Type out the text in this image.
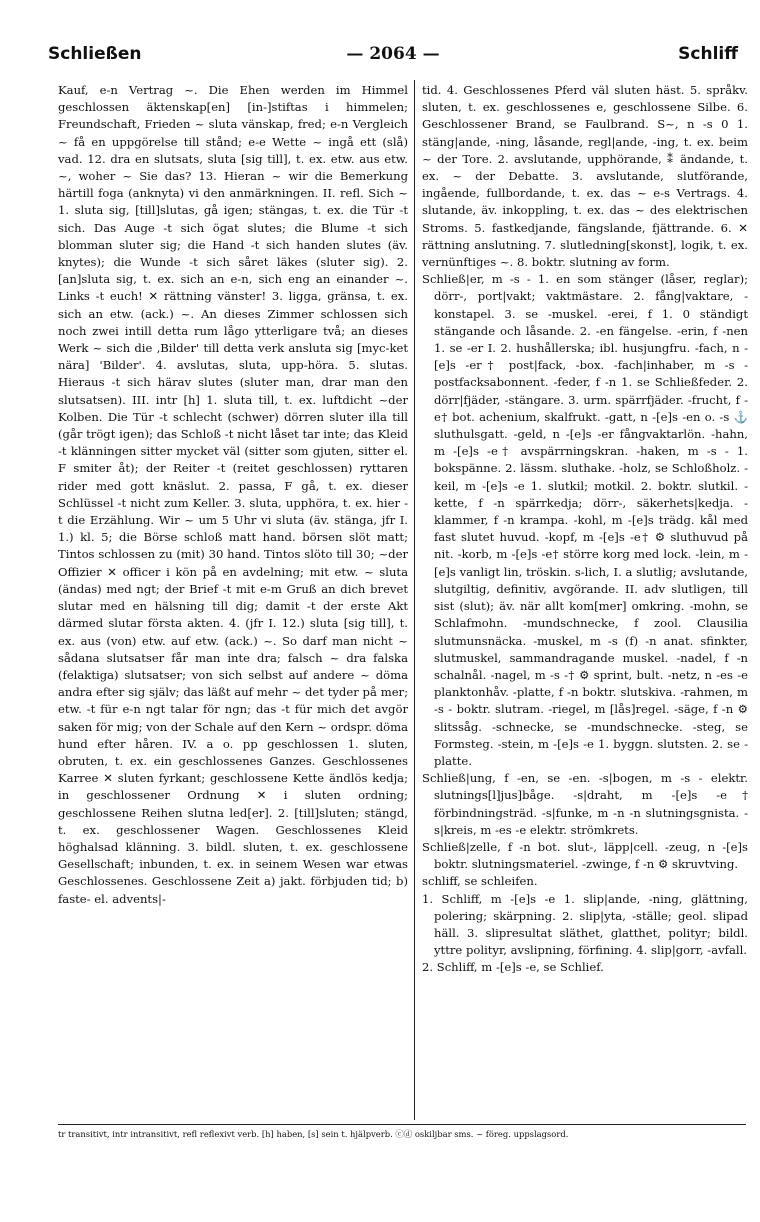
Schließen	— 2064 —	Schliff

Kauf, e-n Vertrag ~. Die Ehen werden im Himmel geschlossen äktenskap[en] [in-]stiftas i himmelen; Freundschaft, Frieden ~ sluta vänskap, fred; e-n Vergleich ~ få en uppgörelse till stånd; e-e Wette ~ ingå ett (slå) vad. 12. dra en slutsats, sluta [sig till], t. ex. etw. aus etw. ~, woher ~ Sie das? 13. Hieran ~ wir die Bemerkung härtill foga (anknyta) vi den anmärkningen. II. refl. Sich ~ 1. sluta sig, [till]slutas, gå igen; stängas, t. ex. die Tür -t sich. Das Auge -t sich ögat slutes; die Blume -t sich blomman sluter sig; die Hand -t sich handen slutes (äv. knytes); die Wunde -t sich såret läkes (sluter sig). 2. [an]sluta sig, t. ex. sich an e-n, sich eng an einander ~. Links -t euch! ✕ rättning vänster! 3. ligga, gränsa, t. ex. sich an etw. (ack.) ~. An dieses Zimmer schlossen sich noch zwei intill detta rum lågo ytterligare två; an dieses Werk ~ sich die ‚Bilder' till detta verk ansluta sig [myc-ket nära] 'Bilder'. 4. avslutas, sluta, upp-höra. 5. slutas. Hieraus -t sich härav slutes (sluter man, drar man den slutsatsen). III. intr [h] 1. sluta till, t. ex. luftdicht ~der Kolben. Die Tür -t schlecht (schwer) dörren sluter illa till (går trögt igen); das Schloß -t nicht låset tar inte; das Kleid -t klänningen sitter mycket väl (sitter som gjuten, sitter el. F smiter åt); der Reiter -t (reitet geschlossen) ryttaren rider med gott knäslut. 2. passa, F gå, t. ex. dieser Schlüssel -t nicht zum Keller. 3. sluta, upphöra, t. ex. hier -t die Erzählung. Wir ~ um 5 Uhr vi sluta (äv. stänga, jfr I. 1.) kl. 5; die Börse schloß matt hand. börsen slöt matt; Tintos schlossen zu (mit) 30 hand. Tintos slöto till 30; ~der Offizier ✕ officer i kön på en avdelning; mit etw. ~ sluta (ändas) med ngt; der Brief -t mit e-m Gruß an dich brevet slutar med en hälsning till dig; damit -t der erste Akt därmed slutar första akten. 4. (jfr I. 12.) sluta [sig till], t. ex. aus (von) etw. auf etw. (ack.) ~. So darf man nicht ~ sådana slutsatser får man inte dra; falsch ~ dra falska (felaktiga) slutsatser; von sich selbst auf andere ~ döma andra efter sig själv; das läßt auf mehr ~ det tyder på mer; etw. -t für e-n ngt talar för ngn; das -t für mich det avgör saken för mig; von der Schale auf den Kern ~ ordspr. döma hund efter håren. IV. a o. pp geschlossen 1. sluten, obruten, t. ex. ein geschlossenes Ganzes. Geschlossenes Karree ✕ sluten fyrkant; geschlossene Kette ändlös kedja; in geschlossener Ordnung ✕ i sluten ordning; geschlossene Reihen slutna led[er]. 2. [till]sluten; stängd, t. ex. geschlossener Wagen. Geschlossenes Kleid höghalsad klänning. 3. bildl. sluten, t. ex. geschlossene Gesellschaft; inbunden, t. ex. in seinem Wesen war etwas Geschlossenes. Geschlossene Zeit a) jakt. förbjuden tid; b) faste- el. advents|-

tid. 4. Geschlossenes Pferd väl sluten häst. 5. språkv. sluten, t. ex. geschlossenes e, geschlossene Silbe. 6. Geschlossener Brand, se Faulbrand. S~, n -s 0 1. stäng|ande, -ning, låsande, regl|ande, -ing, t. ex. beim ~ der Tore. 2. avslutande, upphörande, ⁑ ändande, t. ex. ~ der Debatte. 3. avslutande, slutförande, ingående, fullbordande, t. ex. das ~ e-s Vertrags. 4. slutande, äv. inkoppling, t. ex. das ~ des elektrischen Stroms. 5. fastkedjande, fängslande, fjättrande. 6. ✕ rättning anslutning. 7. slutledning[skonst], logik, t. ex. vernünftiges ~. 8. boktr. slutning av form.

Schließ|er, m -s - 1. en som stänger (låser, reglar); dörr-, port|vakt; vaktmästare. 2. fång|vaktare, -konstapel. 3. se -muskel. -erei, f 1. 0 ständigt stängande och låsande. 2. -en fängelse. -erin, f -nen 1. se -er I. 2. hushållerska; ibl. husjungfru. -fach, n -[e]s -er† post|fack, -box. -fach|inhaber, m -s - postfacksabonnent. -feder, f -n 1. se Schließfeder. 2. dörr|fjäder, -stängare. 3. urm. spärrfjäder. -frucht, f -e† bot. achenium, skalfrukt. -gatt, n -[e]s -en o. -s ⚓ sluthulsgatt. -geld, n -[e]s -er fångvaktarlön. -hahn, m -[e]s -e† avspärrningskran. -haken, m -s - 1. bokspänne. 2. lässm. sluthake. -holz, se Schloßholz. -keil, m -[e]s -e 1. slutkil; motkil. 2. boktr. slutkil. -kette, f -n spärrkedja; dörr-, säkerhets|kedja. -klammer, f -n krampa. -kohl, m -[e]s trädg. kål med fast slutet huvud. -kopf, m -[e]s -e† ⚙ sluthuvud på nit. -korb, m -[e]s -e† större korg med lock. -lein, m -[e]s vanligt lin, tröskin. s-lich, I. a slutlig; avslutande, slutgiltig, definitiv, avgörande. II. adv slutligen, till sist (slut); äv. när allt kom[mer] omkring. -mohn, se Schlafmohn. -mundschnecke, f zool. Clausilia slutmunsnäcka. -muskel, m -s (f) -n anat. sfinkter, slutmuskel, sammandragande muskel. -nadel, f -n schalnål. -nagel, m -s -† ⚙ sprint, bult. -netz, n -es -e planktonhåv. -platte, f -n boktr. slutskiva. -rahmen, m -s - boktr. slutram. -riegel, m [lås]regel. -säge, f -n ⚙ slitssåg. -schnecke, se -mundschnecke. -steg, se Formsteg. -stein, m -[e]s -e 1. byggn. slutsten. 2. se -platte.

Schließ|ung, f -en, se -en. -s|bogen, m -s - elektr. slutnings[l]jus]båge. -s|draht, m -[e]s -e† förbindningsträd. -s|funke, m -n -n slutningsgnista. -s|kreis, m -es -e elektr. strömkrets.

Schließ|zelle, f -n bot. slut-, läpp|cell. -zeug, n -[e]s boktr. slutningsmateriel. -zwinge, f -n ⚙ skruvtving.

schliff, se schleifen.

1. Schliff, m -[e]s -e 1. slip|ande, -ning, glättning, polering; skärpning. 2. slip|yta, -ställe; geol. slipad häll. 3. slipresultat släthet, glatthet, polityr; bildl. yttre polityr, avslipning, förfining. 4. slip|gorr, -avfall.

2. Schliff, m -[e]s -e, se Schlief.

tr transitivt, intr intransitivt, refl reflexivt verb. [h] haben, [s] sein t. hjälpverb. ⓒⓓ oskiljbar sms. ~ föreg. uppslagsord.
